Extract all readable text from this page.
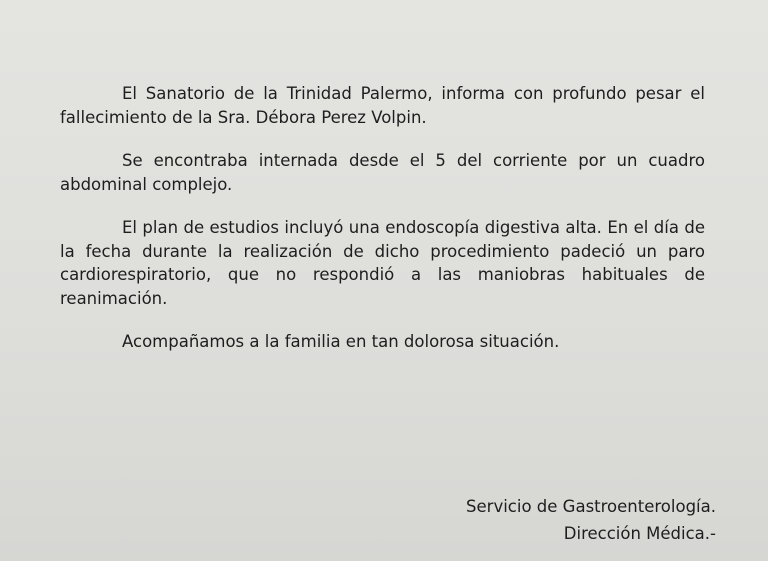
El Sanatorio de la Trinidad Palermo, informa con profundo pesar el fallecimiento de la Sra. Débora Perez Volpin.

Se encontraba internada desde el 5 del corriente por un cuadro abdominal complejo.

El plan de estudios incluyó una endoscopía digestiva alta. En el día de la fecha durante la realización de dicho procedimiento padeció un paro cardiorespiratorio, que no respondió a las maniobras habituales de reanimación.

Acompañamos a la familia en tan dolorosa situación.

Servicio de Gastroenterología.
Dirección Médica.-
